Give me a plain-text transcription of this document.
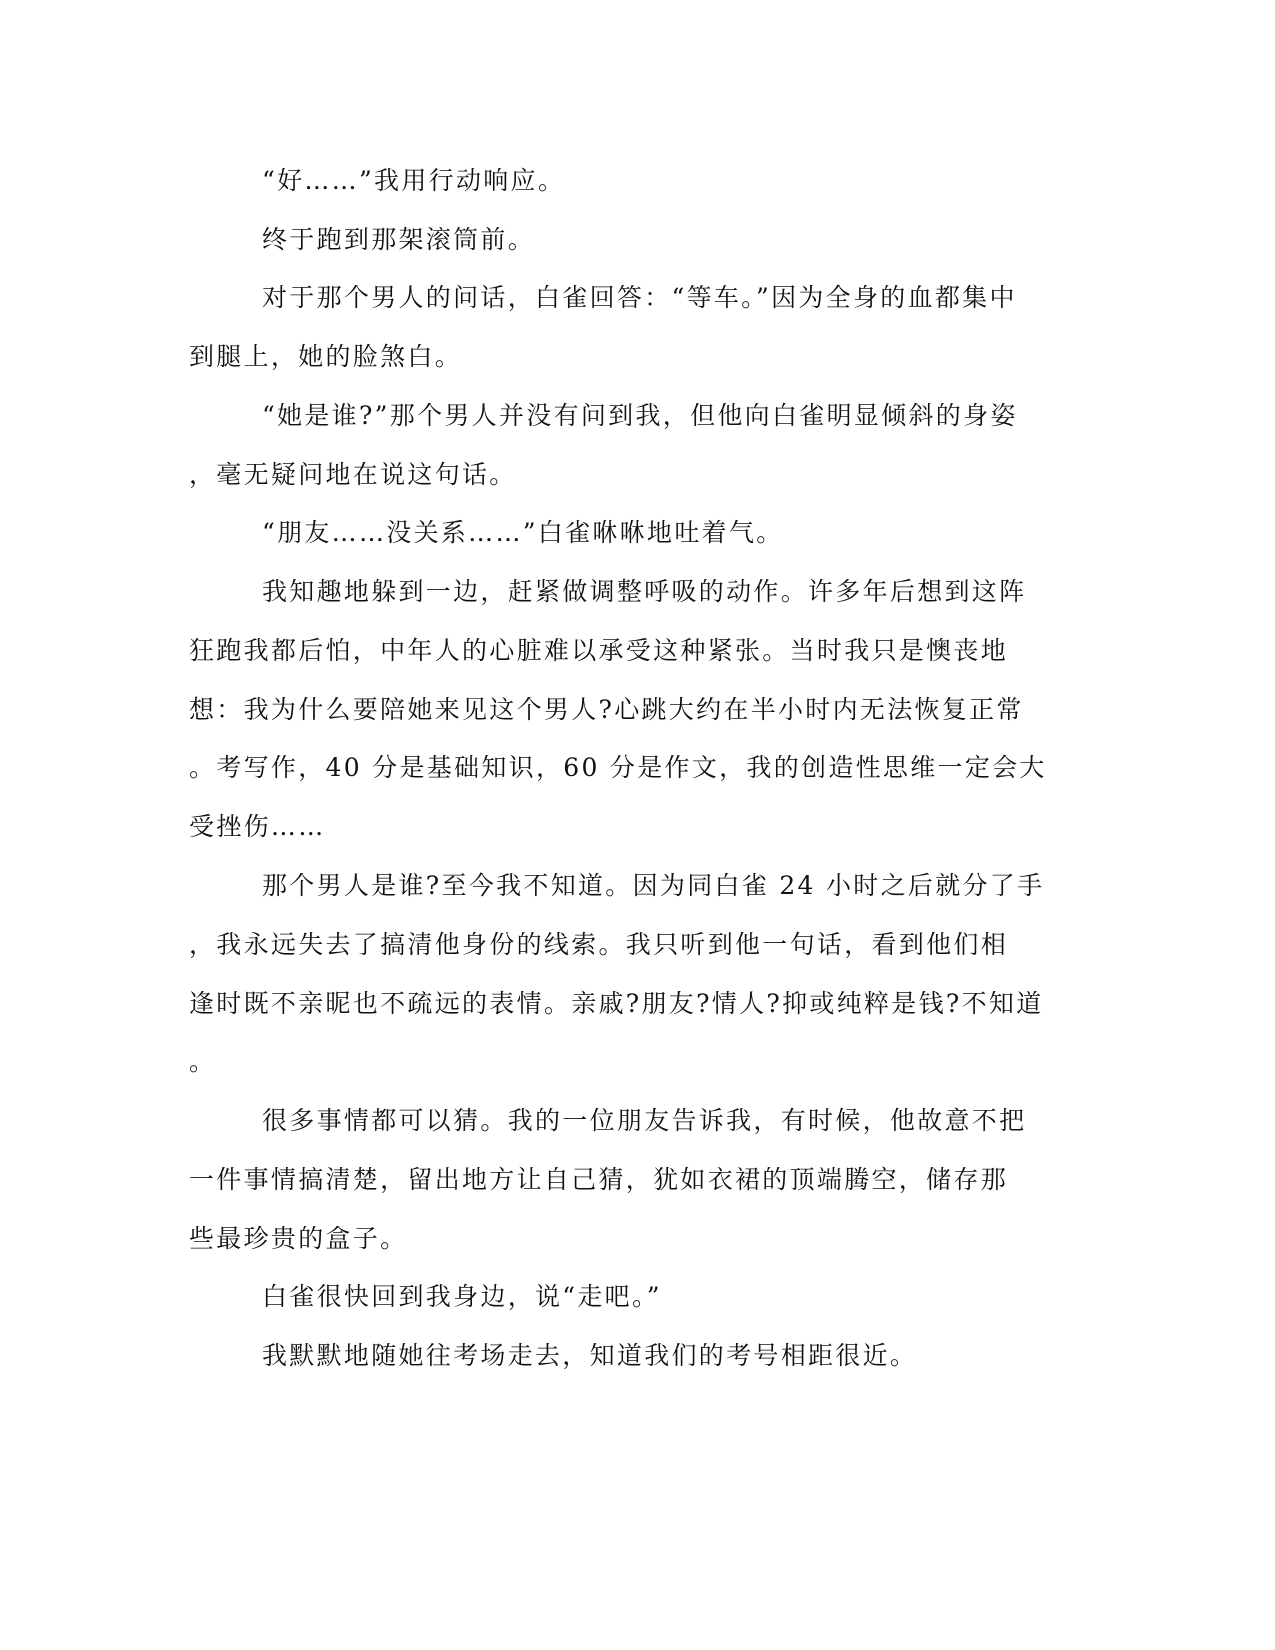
“好……”我用行动响应。

终于跑到那架滚筒前。

对于那个男人的问话，白雀回答：“等车。”因为全身的血都集中

到腿上，她的脸煞白。

“她是谁?”那个男人并没有问到我，但他向白雀明显倾斜的身姿

，毫无疑问地在说这句话。

“朋友……没关系……”白雀咻咻地吐着气。

我知趣地躲到一边，赶紧做调整呼吸的动作。许多年后想到这阵

狂跑我都后怕，中年人的心脏难以承受这种紧张。当时我只是懊丧地

想：我为什么要陪她来见这个男人?心跳大约在半小时内无法恢复正常

。考写作，40 分是基础知识，60 分是作文，我的创造性思维一定会大

受挫伤……

那个男人是谁?至今我不知道。因为同白雀 24 小时之后就分了手

，我永远失去了搞清他身份的线索。我只听到他一句话，看到他们相

逢时既不亲昵也不疏远的表情。亲戚?朋友?情人?抑或纯粹是钱?不知道

。

很多事情都可以猜。我的一位朋友告诉我，有时候，他故意不把

一件事情搞清楚，留出地方让自己猜，犹如衣裙的顶端腾空，储存那

些最珍贵的盒子。

白雀很快回到我身边，说“走吧。”

我默默地随她往考场走去，知道我们的考号相距很近。
